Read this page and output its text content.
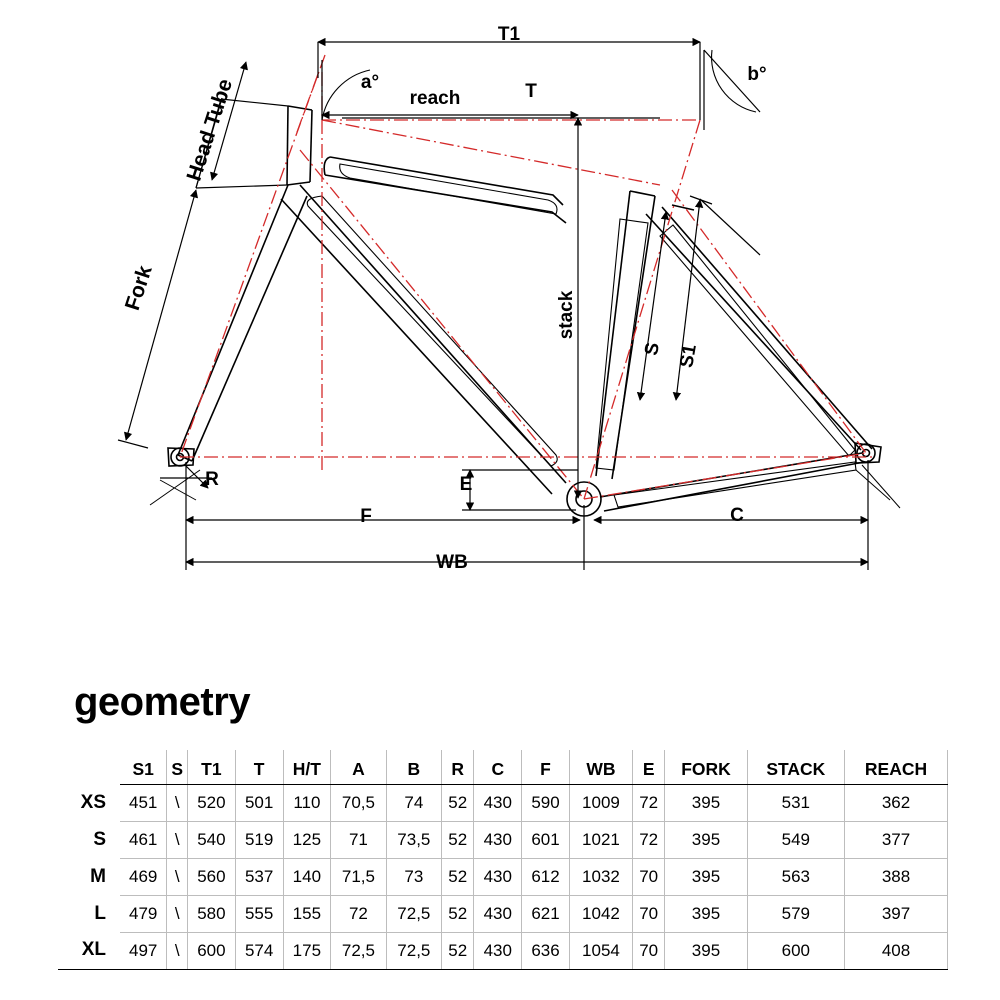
T1
T
reach
a°	b°
stack
Head Tube
Fork
S S1
R	E
F	C
WB
geometry
	S1	S	T1	T	H/T	A	B	R	C	F	WB	E	FORK	STACK	REACH
XS	451	\	520	501	110	70,5	74	52	430	590	1009	72	395	531	362
S	461	\	540	519	125	71	73,5	52	430	601	1021	72	395	549	377
M	469	\	560	537	140	71,5	73	52	430	612	1032	70	395	563	388
L	479	\	580	555	155	72	72,5	52	430	621	1042	70	395	579	397
XL	497	\	600	574	175	72,5	72,5	52	430	636	1054	70	395	600	408
